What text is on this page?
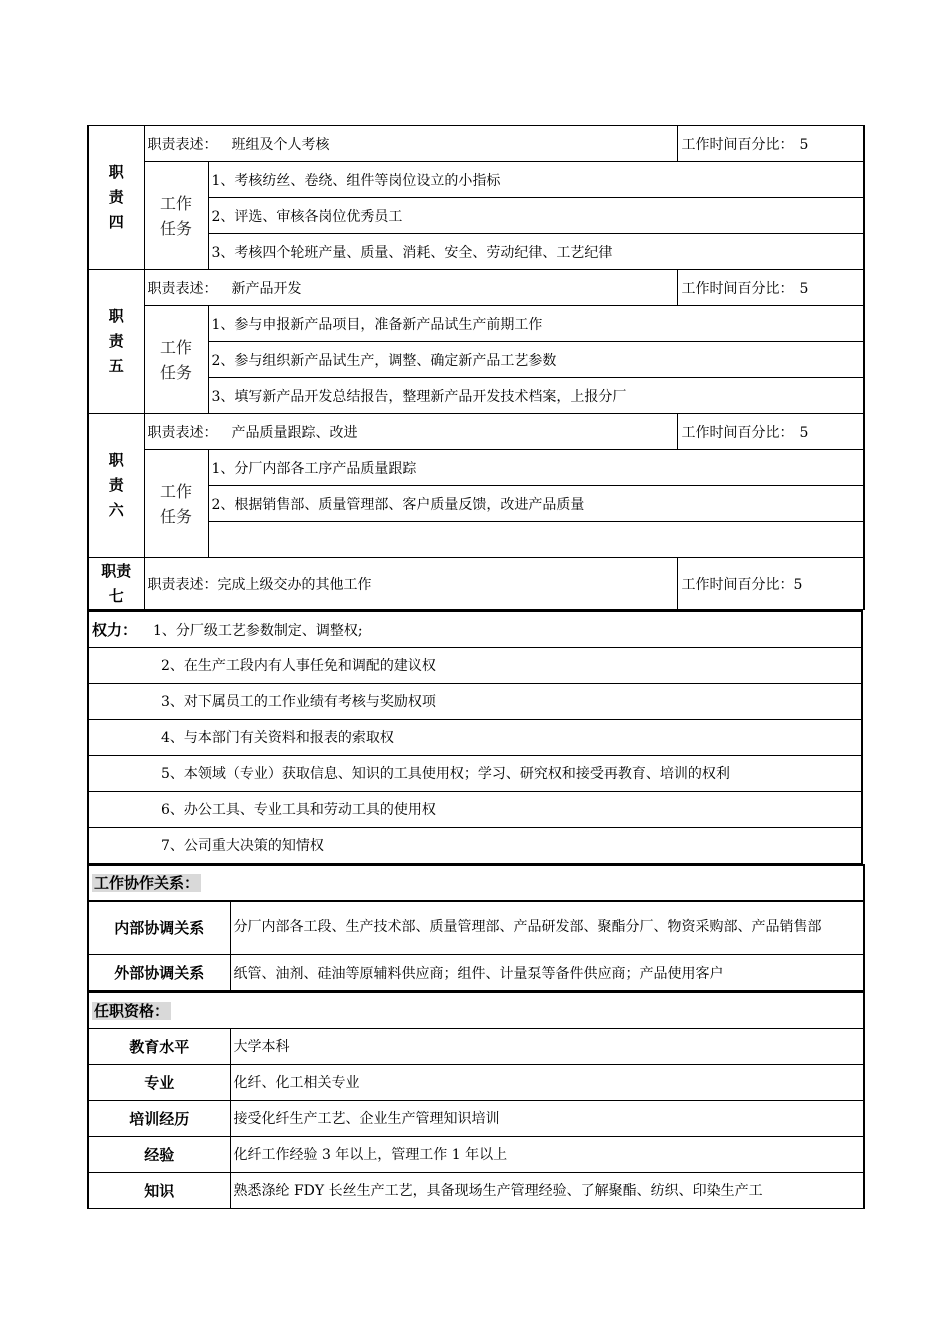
职
责
四	职责表述： 班组及个人考核		工作时间百分比： 5

	工作
任务	1、考核纺丝、卷绕、组件等岗位设立的小指标	
		2、评选、审核各岗位优秀员工	
		3、考核四个轮班产量、质量、消耗、安全、劳动纪律、工艺纪律	

职
责
五	职责表述： 新产品开发		工作时间百分比： 5

	工作
任务	1、参与申报新产品项目，准备新产品试生产前期工作	
		2、参与组织新产品试生产，调整、确定新产品工艺参数	
		3、填写新产品开发总结报告，整理新产品开发技术档案，上报分厂	

职
责
六	职责表述： 产品质量跟踪、改进		工作时间百分比： 5

	工作
任务	1、分厂内部各工序产品质量跟踪	
		2、根据销售部、质量管理部、客户质量反馈，改进产品质量	

职责
七	职责表述：完成上级交办的其他工作		工作时间百分比：5
权力： 1、分厂级工艺参数制定、调整权;
2、在生产工段内有人事任免和调配的建议权
3、对下属员工的工作业绩有考核与奖励权项
4、与本部门有关资料和报表的索取权
5、本领域（专业）获取信息、知识的工具使用权；学习、研究权和接受再教育、培训的权利
6、办公工具、专业工具和劳动工具的使用权
7、公司重大决策的知情权
工作协作关系：	
内部协调关系	分厂内部各工段、生产技术部、质量管理部、产品研发部、聚酯分厂、物资采购部、产品销售部
外部协调关系	纸管、油剂、硅油等原辅料供应商；组件、计量泵等备件供应商；产品使用客户
任职资格：	
教育水平	大学本科
专业	化纤、化工相关专业
培训经历	接受化纤生产工艺、企业生产管理知识培训
经验	化纤工作经验 3 年以上，管理工作 1 年以上
知识	熟悉涤纶 FDY 长丝生产工艺，具备现场生产管理经验、了解聚酯、纺织、印染生产工
